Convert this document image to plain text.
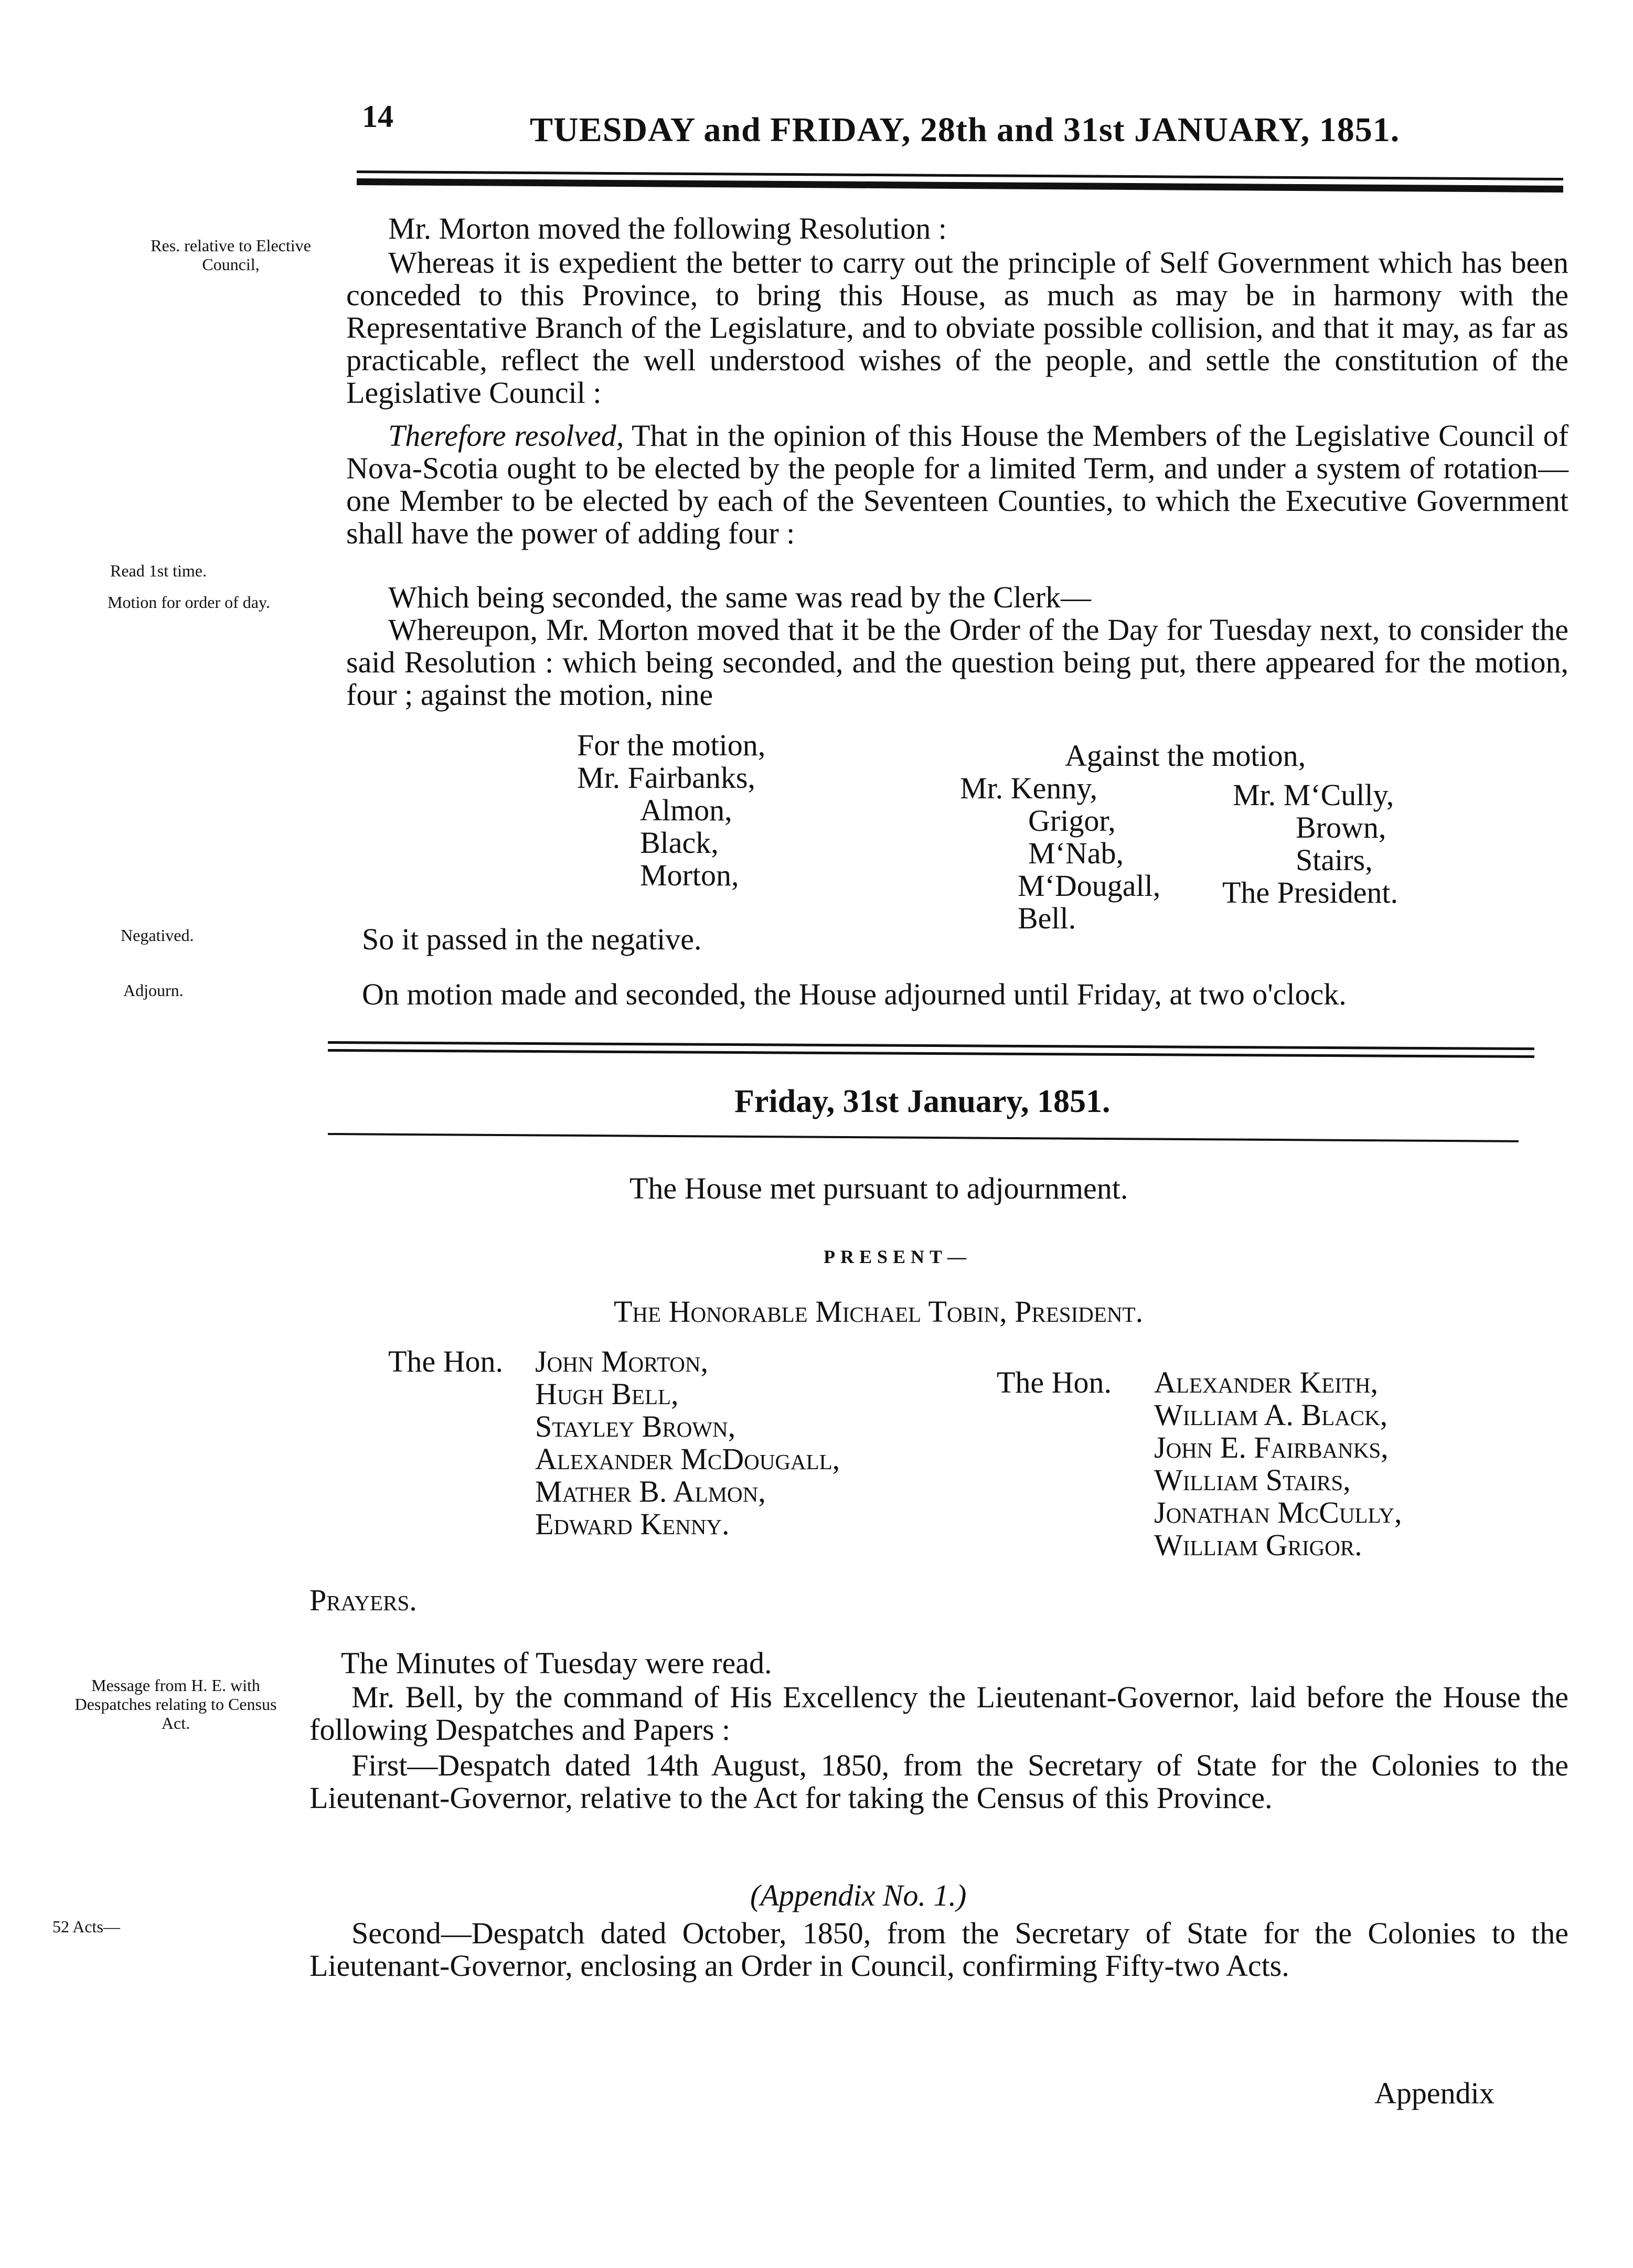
14	TUESDAY and FRIDAY, 28th and 31st JANUARY, 1851.
Res. relative to Elective Council,
Read 1st time.
Motion for order of day.
Negatived.
Adjourn.
Message from H. E. with Despatches relating to Census Act.
52 Acts—
Mr. Morton moved the following Resolution :
Whereas it is expedient the better to carry out the principle of Self Government which has been conceded to this Province, to bring this House, as much as may be in harmony with the Representative Branch of the Legislature, and to obviate possible collision, and that it may, as far as practicable, reflect the well understood wishes of the people, and settle the constitution of the Legislative Council :
Therefore resolved, That in the opinion of this House the Members of the Legislative Council of Nova-Scotia ought to be elected by the people for a limited Term, and under a system of rotation—one Member to be elected by each of the Seventeen Counties, to which the Executive Government shall have the power of adding four :
Which being seconded, the same was read by the Clerk—
Whereupon, Mr. Morton moved that it be the Order of the Day for Tuesday next, to consider the said Resolution : which being seconded, and the question being put, there appeared for the motion, four ; against the motion, nine
For the motion,
Mr. Fairbanks,
Almon,
Black,
Morton,
Against the motion,
Mr. Kenny,
Grigor,
M‘Nab,
M‘Dougall,
Bell.
Mr. M‘Cully,
Brown,
Stairs,
The President.
So it passed in the negative.
On motion made and seconded, the House adjourned until Friday, at two o'clock.
Friday, 31st January, 1851.
The House met pursuant to adjournment.
PRESENT—
The Honorable Michael Tobin, President.
The Hon. John Morton,
Hugh Bell,
Stayley Brown,
Alexander McDougall,
Mather B. Almon,
Edward Kenny.
The Hon. Alexander Keith,
William A. Black,
John E. Fairbanks,
William Stairs,
Jonathan McCully,
William Grigor.
Prayers.
The Minutes of Tuesday were read.
Mr. Bell, by the command of His Excellency the Lieutenant-Governor, laid before the House the following Despatches and Papers :
First—Despatch dated 14th August, 1850, from the Secretary of State for the Colonies to the Lieutenant-Governor, relative to the Act for taking the Census of this Province.
(Appendix No. 1.)
Second—Despatch dated October, 1850, from the Secretary of State for the Colonies to the Lieutenant-Governor, enclosing an Order in Council, confirming Fifty-two Acts.
Appendix
